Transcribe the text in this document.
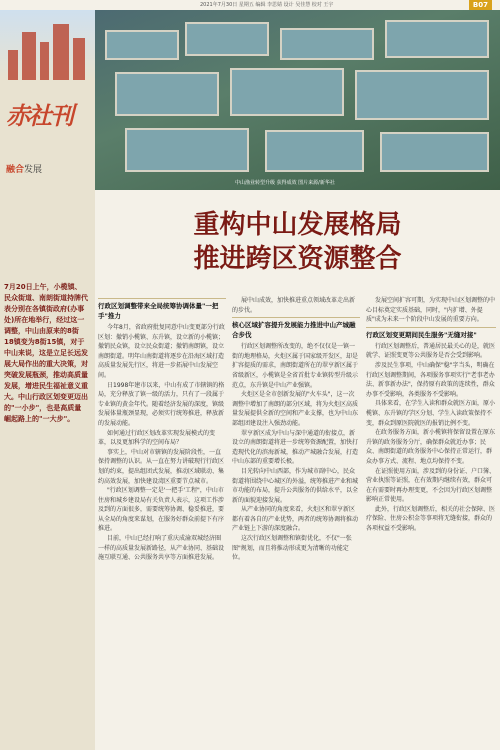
2021年7月30日 星期五 编辑 李思婧 设计 吴佳慧 校对 王宇	B07
赤社刊
融合发展
中山渔业转型升级 获得成效 图片来源/新华社
重构中山发展格局
推进跨区资源整合
7月20日上午，小榄镇、民众街道、南朗街道持牌代表分别在各镇街政府(办事处)所在地举行，经过这一调整，中山由原来的8街18镇变为8街15镇，对于中山来说，这是立足长远发展大局作出的重大决策，对突破发展瓶颈，推动高质量发展，增进民生福祉意义重大。中山行政区划变更迈出的"一小步"，也是高质量崛起路上的"一大步"。
行政区划调整带来全局统筹协调体量"一把手"推力

今年8月，省政府批复同意中山变更部分行政区划：撤销小榄镇、东升镇，设立新的小榄镇；撤销民众镇，设立民众街道；撤销南朗镇，设立南朗街道。明年山南街道将逐步在沿海区域打造高质量发展先行区，将进一步拓展中山发展空间。

日1998年建市以来，中山有成了市辖镇的格局，充分释放了镇一级的活力，只有了一段属于专业镇的黄金年代。随着经济发展的深度，镇级发展体量瓶颈显现，必须实行统筹推进，释放新的发展动能。

如何通过行政区划改革实现发展模式的变革，以及更加科学的空间布局？

事实上，中山对市辖镇的发展阶段性，一直保持调整的认识。从一直在努力讲破现行行政区划的约束，提出组团式发展，推动区域联动、集约高效发展，加快建设湾区重要节点城市。

"行政区划调整一定是'一把手'工程"，中山市住房和城乡建设局有关负责人表示，这项工作涉及到的方面很多，需要统筹协调、稳妥推进，要从全局的角度来谋划，在服务好群众前提下有序推进。

目前，中山已经打响了重庆成渝双城经济圈一样的高质量发展新路径，从产业协同、基础设施互联互通、公共服务共享等方面推进发展。

展中山成效，加快推进重点领域改革走出新的步伐。

核心区域扩容提升发展能力推进中山产城融合步伐

行政区划调整所改变的，绝不仅仅是一镇一街的地理格局，火炬区属于国家级开发区，却是扩容提质的需求，南朗街道所在的翠亨新区属于省级新区，小榄镇是全省首批专业镇转型升级示范点，东升镇是中山产业强镇。

火炬区是全市创新发展的"火车头"，这一次调整中增加了南朗的部分区域，将为火炬区高质量发展提供全新的空间和产业支撑，也为中山东部组团建设注入强劲动能。

翠亨新区成为中山与深中通道的衔接点，新设立的南朗街道将进一步统筹资源配置，加快打造现代化的滨海新城，推动产城融合发展，打造中山东部的重要增长极。

目光转向中山西部，作为城市副中心，民众街道将围绕中心城区的外溢，统筹推进产业和城市功能的布局，提升公共服务的供给水平，以全新的面貌迎接发展。

从产业协同的角度来看，火炬区和翠亨新区都有着各自的产业优势，两者的统筹协调将推动产业链上下游的深度融合。

这次行政区划调整和镇街优化，不仅"一张图"规划，而且将推动形成更为清晰的功能定位。

发展空间扩容可期，为实现中山区划调整的中心目标奠定实质基础，同时，"内扩增、外提质"成为未来一个阶段中山发展的重要方向。

行政区划变更期间民生服务"无缝对接"

行政区划调整后，普通居民最关心的是，就医就学、证照变更等公共服务是否会受到影响。

涉及民生事项，中山确保"稳"字当头，明确在行政区划调整期间，各项服务事项实行"老事老办法、新事新办法"，保持原有政策的连续性，群众办事不受影响，各类服务不受影响。

具体来看，在学生入读和群众就医方面，原小榄镇、东升镇的学区分划、学生入读政策保持不变，群众到原医院就医的报销比例不变。

在政务服务方面，新小榄镇将保留设置在原东升镇的政务服务分厅，确保群众就近办事；民众、南朗街道的政务服务中心保持正常运行，群众办事方式、流程、地点均保持不变。

在证照使用方面，涉及到的身份证、户口簿、营业执照等证照，在有效期内继续有效，群众可在有需要时再办理变更，不会因为行政区划调整影响正常使用。

此外，行政区划调整后，相关的社会保障、医疗保险、住房公积金等事项将无缝衔接，群众的各项权益不受影响。
